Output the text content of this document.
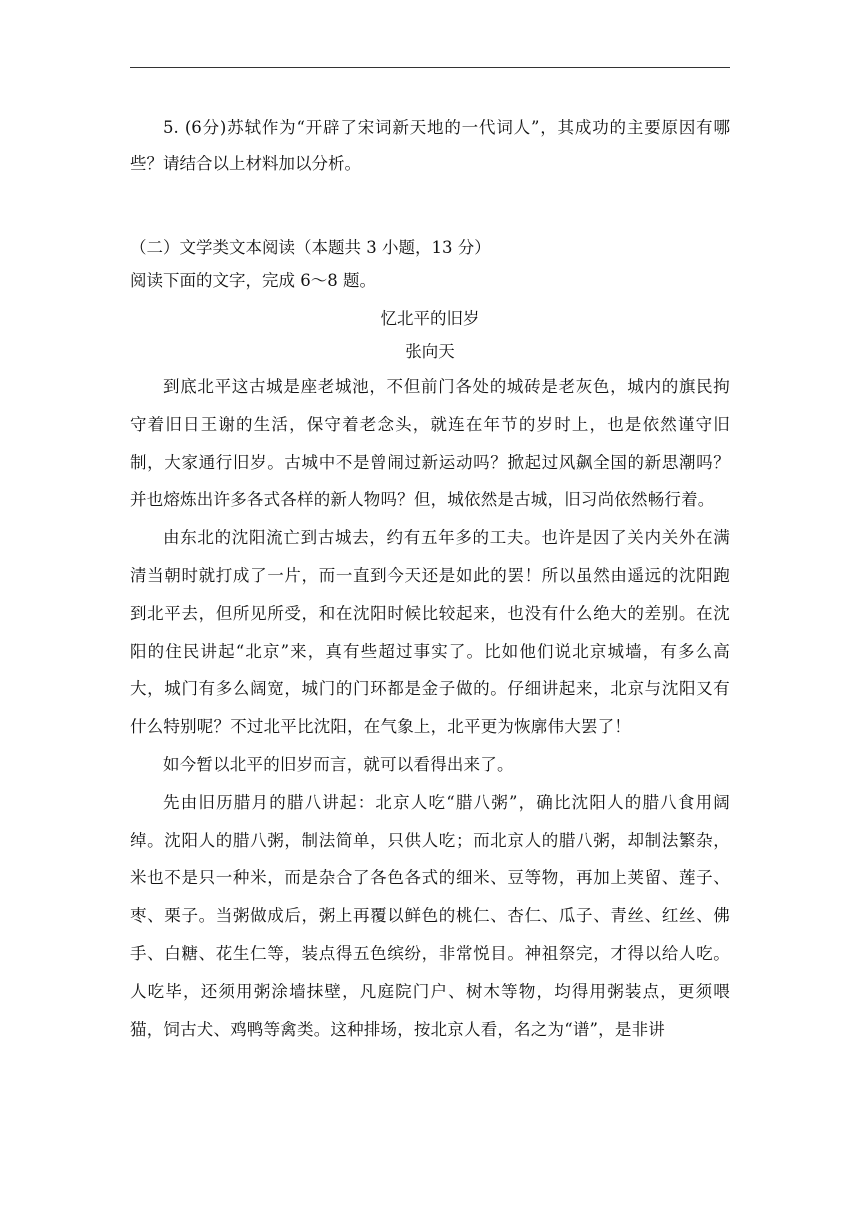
5. (6分)苏轼作为“开辟了宋词新天地的一代词人”，其成功的主要原因有哪些？请结合以上材料加以分析。

（二）文学类文本阅读（本题共 3 小题，13 分）

阅读下面的文字，完成 6～8 题。

忆北平的旧岁

张向天

到底北平这古城是座老城池，不但前门各处的城砖是老灰色，城内的旗民拘守着旧日王谢的生活，保守着老念头，就连在年节的岁时上，也是依然谨守旧制，大家通行旧岁。古城中不是曾闹过新运动吗？掀起过风飙全国的新思潮吗？并也熔炼出许多各式各样的新人物吗？但，城依然是古城，旧习尚依然畅行着。

由东北的沈阳流亡到古城去，约有五年多的工夫。也许是因了关内关外在满清当朝时就打成了一片，而一直到今天还是如此的罢！所以虽然由遥远的沈阳跑到北平去，但所见所受，和在沈阳时候比较起来，也没有什么绝大的差别。在沈阳的住民讲起“北京”来，真有些超过事实了。比如他们说北京城墙，有多么高大，城门有多么阔宽，城门的门环都是金子做的。仔细讲起来，北京与沈阳又有什么特别呢？不过北平比沈阳，在气象上，北平更为恢廓伟大罢了！

如今暂以北平的旧岁而言，就可以看得出来了。

先由旧历腊月的腊八讲起：北京人吃“腊八粥”，确比沈阳人的腊八食用阔绰。沈阳人的腊八粥，制法简单，只供人吃；而北京人的腊八粥，却制法繁杂，米也不是只一种米，而是杂合了各色各式的细米、豆等物，再加上荚留、莲子、枣、栗子。当粥做成后，粥上再覆以鲜色的桃仁、杏仁、瓜子、青丝、红丝、佛手、白糖、花生仁等，装点得五色缤纷，非常悦目。神祖祭完，才得以给人吃。人吃毕，还须用粥涂墙抹壁，凡庭院门户、树木等物，均得用粥装点，更须喂猫，饲古犬、鸡鸭等禽类。这种排场，按北京人看，名之为“谱”，是非讲
